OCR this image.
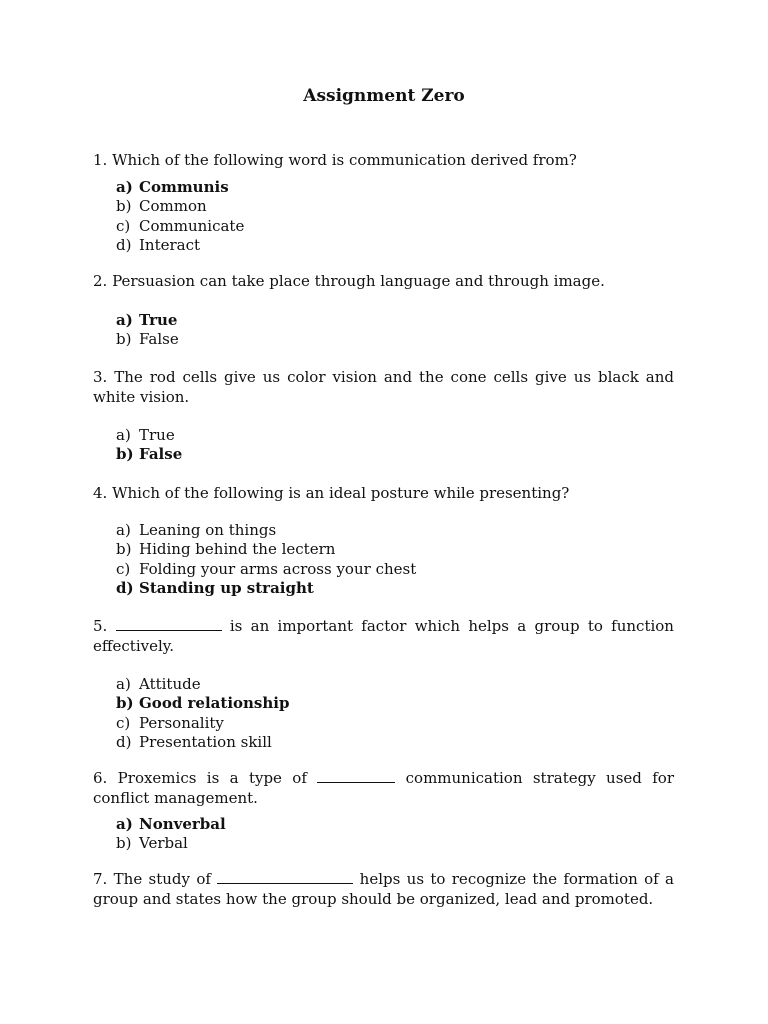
Assignment Zero

1. Which of the following word is communication derived from?

a) Communis
b) Common
c) Communicate
d) Interact

2. Persuasion can take place through language and through image.

a) True
b) False

3. The rod cells give us color vision and the cone cells give us black and white vision.

a) True
b) False

4. Which of the following is an ideal posture while presenting?

a) Leaning on things
b) Hiding behind the lectern
c) Folding your arms across your chest
d) Standing up straight

5.	is an important factor which helps a group to function effectively.

a) Attitude
b) Good relationship
c) Personality
d) Presentation skill

6. Proxemics is a type of	communication strategy used for conflict management.

a) Nonverbal
b) Verbal

7. The study of	helps us to recognize the formation of a group and states how the group should be organized, lead and promoted.
